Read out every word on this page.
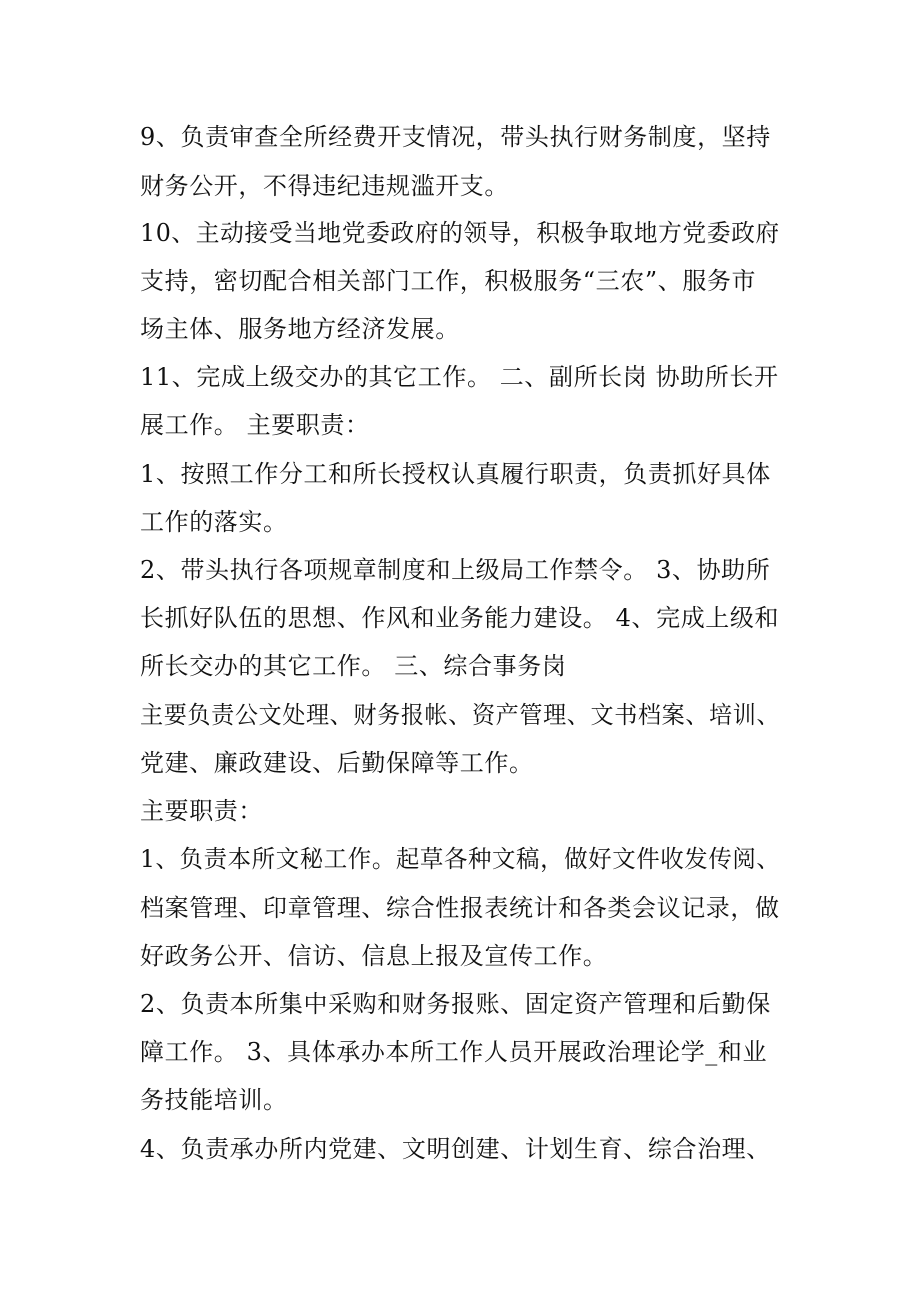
9、负责审查全所经费开支情况，带头执行财务制度，坚持
财务公开，不得违纪违规滥开支。
10、主动接受当地党委政府的领导，积极争取地方党委政府
支持，密切配合相关部门工作，积极服务“三农”、服务市
场主体、服务地方经济发展。
11、完成上级交办的其它工作。 二、副所长岗 协助所长开
展工作。 主要职责：
1、按照工作分工和所长授权认真履行职责，负责抓好具体
工作的落实。
2、带头执行各项规章制度和上级局工作禁令。 3、协助所
长抓好队伍的思想、作风和业务能力建设。 4、完成上级和
所长交办的其它工作。 三、综合事务岗
主要负责公文处理、财务报帐、资产管理、文书档案、培训、
党建、廉政建设、后勤保障等工作。
主要职责：
1、负责本所文秘工作。起草各种文稿，做好文件收发传阅、
档案管理、印章管理、综合性报表统计和各类会议记录，做
好政务公开、信访、信息上报及宣传工作。
2、负责本所集中采购和财务报账、固定资产管理和后勤保
障工作。 3、具体承办本所工作人员开展政治理论学_和业
务技能培训。
4、负责承办所内党建、文明创建、计划生育、综合治理、
